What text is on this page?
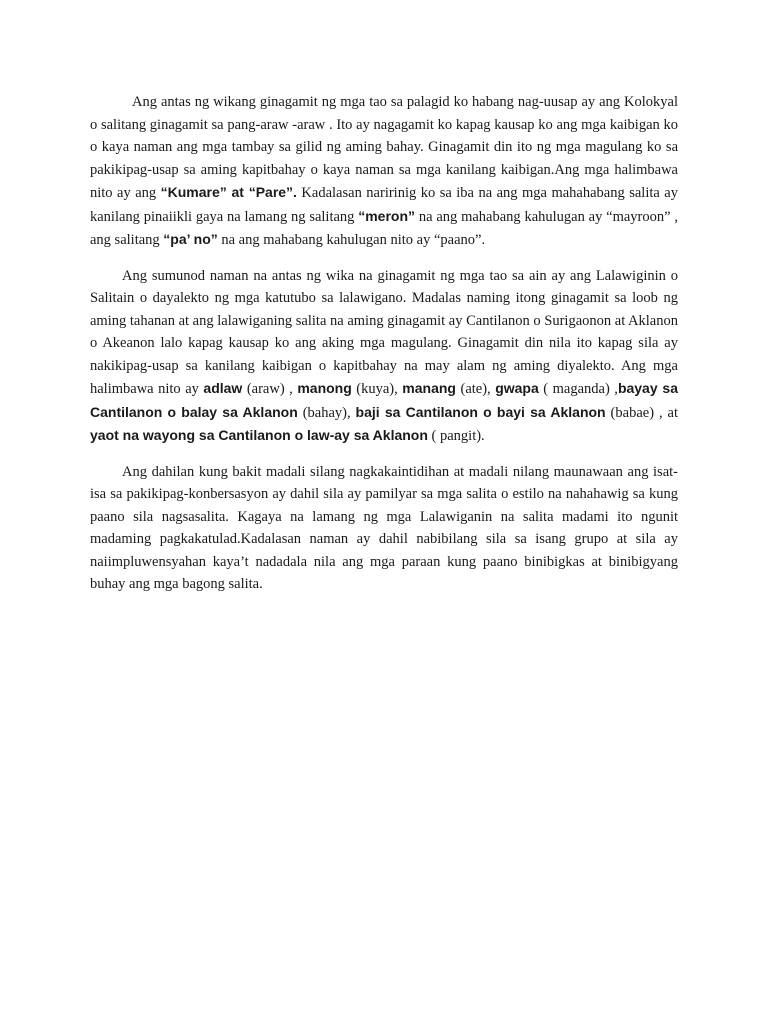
Ang antas ng wikang ginagamit ng mga tao sa palagid ko habang nag-uusap ay ang Kolokyal o salitang ginagamit sa pang-araw -araw . Ito ay nagagamit ko kapag kausap ko ang mga kaibigan ko o kaya naman ang mga tambay sa gilid ng aming bahay. Ginagamit din ito ng mga magulang ko sa pakikipag-usap sa aming kapitbahay o kaya naman sa mga kanilang kaibigan.Ang mga halimbawa nito ay ang “Kumare” at “Pare”. Kadalasan naririnig ko sa iba na ang mga mahahabang salita ay kanilang pinaiikli gaya na lamang ng salitang “meron” na ang mahabang kahulugan ay “mayroon” , ang salitang “pa’ no” na ang mahabang kahulugan nito ay “paano”.

Ang sumunod naman na antas ng wika na ginagamit ng mga tao sa ain ay ang Lalawiginin o Salitain o dayalekto ng mga katutubo sa lalawigano. Madalas naming itong ginagamit sa loob ng aming tahanan at ang lalawiganing salita na aming ginagamit ay Cantilanon o Surigaonon at Aklanon o Akeanon lalo kapag kausap ko ang aking mga magulang. Ginagamit din nila ito kapag sila ay nakikipag-usap sa kanilang kaibigan o kapitbahay na may alam ng aming diyalekto. Ang mga halimbawa nito ay adlaw (araw) , manong (kuya), manang (ate), gwapa ( maganda) ,bayay sa Cantilanon o balay sa Aklanon (bahay), baji sa Cantilanon o bayi sa Aklanon (babae) , at yaot na wayong sa Cantilanon o law-ay sa Aklanon ( pangit).

Ang dahilan kung bakit madali silang nagkakaintidihan at madali nilang maunawaan ang isat-isa sa pakikipag-konbersasyon ay dahil sila ay pamilyar sa mga salita o estilo na nahahawig sa kung paano sila nagsasalita. Kagaya na lamang ng mga Lalawiganin na salita madami ito ngunit madaming pagkakatulad.Kadalasan naman ay dahil nabibilang sila sa isang grupo at sila ay naiimpluwensyahan kaya’t nadadala nila ang mga paraan kung paano binibigkas at binibigyang buhay ang mga bagong salita.
